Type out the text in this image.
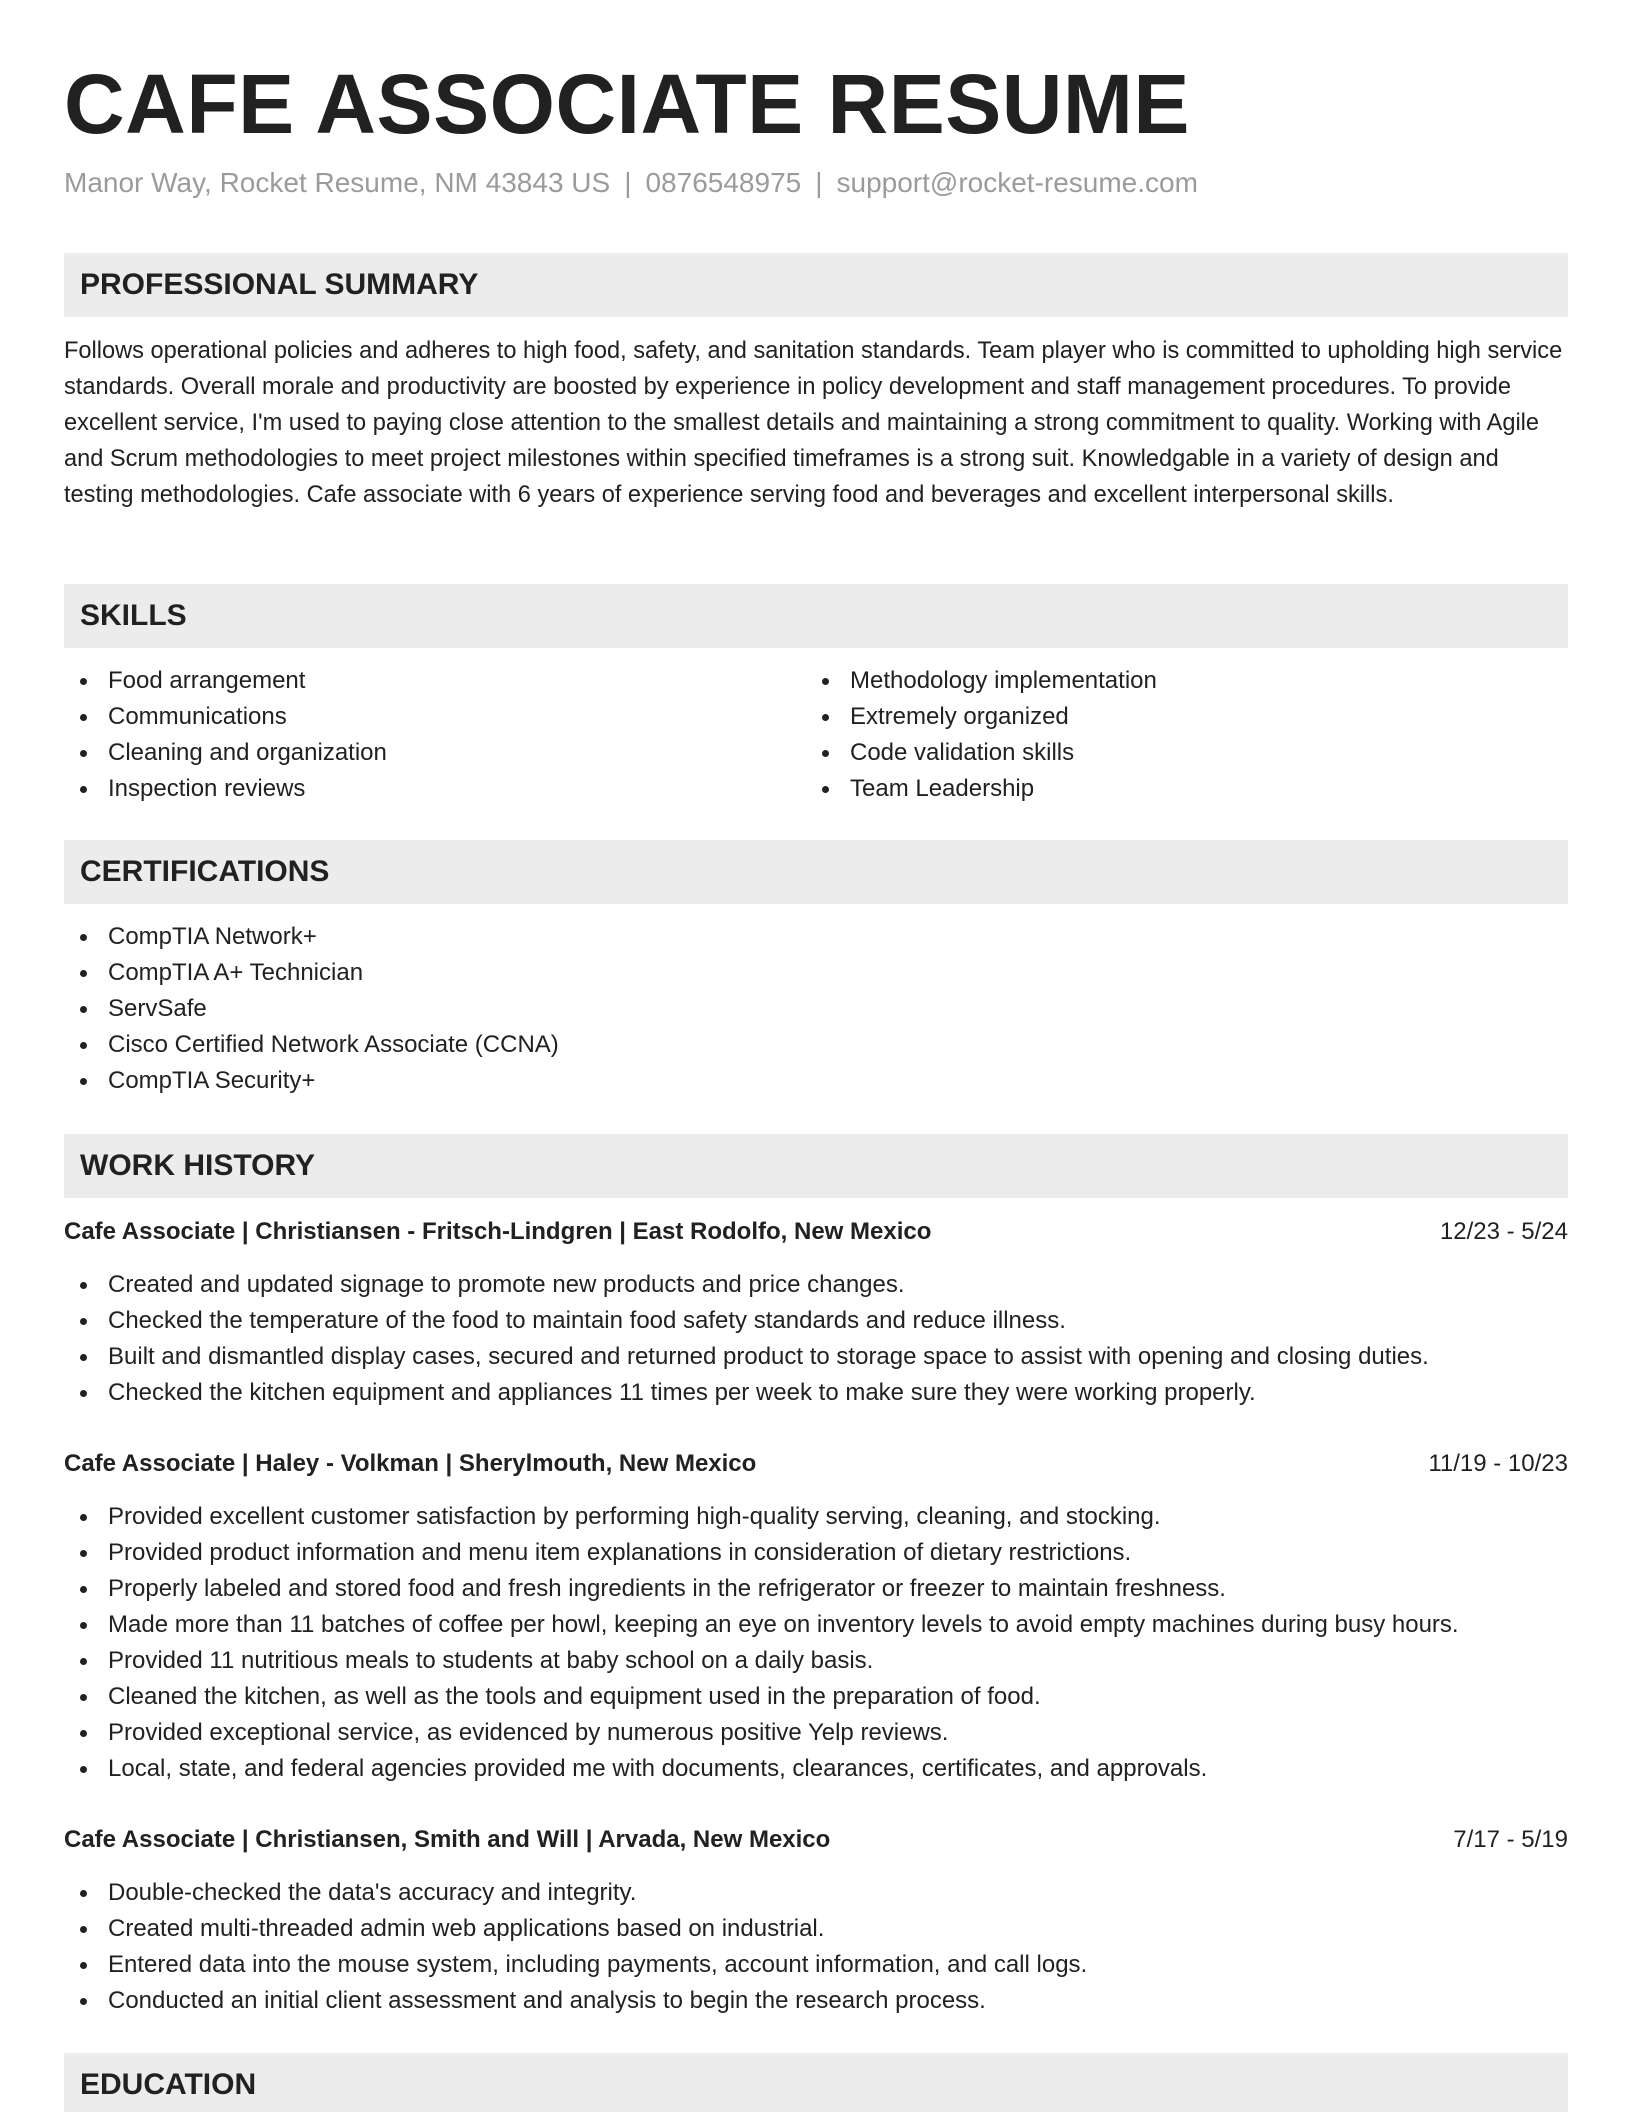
CAFE ASSOCIATE RESUME
Manor Way, Rocket Resume, NM 43843 US | 0876548975 | support@rocket-resume.com
PROFESSIONAL SUMMARY

Follows operational policies and adheres to high food, safety, and sanitation standards. Team player who is committed to upholding high service standards. Overall morale and productivity are boosted by experience in policy development and staff management procedures. To provide excellent service, I'm used to paying close attention to the smallest details and maintaining a strong commitment to quality. Working with Agile and Scrum methodologies to meet project milestones within specified timeframes is a strong suit. Knowledgable in a variety of design and testing methodologies. Cafe associate with 6 years of experience serving food and beverages and excellent interpersonal skills.

SKILLS
Food arrangement
Communications
Cleaning and organization
Inspection reviews
Methodology implementation
Extremely organized
Code validation skills
Team Leadership
CERTIFICATIONS
CompTIA Network+
CompTIA A+ Technician
ServSafe
Cisco Certified Network Associate (CCNA)
CompTIA Security+
WORK HISTORY
Cafe Associate | Christiansen - Fritsch-Lindgren | East Rodolfo, New Mexico	12/23 - 5/24
Created and updated signage to promote new products and price changes.
Checked the temperature of the food to maintain food safety standards and reduce illness.
Built and dismantled display cases, secured and returned product to storage space to assist with opening and closing duties.
Checked the kitchen equipment and appliances 11 times per week to make sure they were working properly.
Cafe Associate | Haley - Volkman | Sherylmouth, New Mexico	11/19 - 10/23
Provided excellent customer satisfaction by performing high-quality serving, cleaning, and stocking.
Provided product information and menu item explanations in consideration of dietary restrictions.
Properly labeled and stored food and fresh ingredients in the refrigerator or freezer to maintain freshness.
Made more than 11 batches of coffee per howl, keeping an eye on inventory levels to avoid empty machines during busy hours.
Provided 11 nutritious meals to students at baby school on a daily basis.
Cleaned the kitchen, as well as the tools and equipment used in the preparation of food.
Provided exceptional service, as evidenced by numerous positive Yelp reviews.
Local, state, and federal agencies provided me with documents, clearances, certificates, and approvals.
Cafe Associate | Christiansen, Smith and Will | Arvada, New Mexico	7/17 - 5/19
Double-checked the data's accuracy and integrity.
Created multi-threaded admin web applications based on industrial.
Entered data into the mouse system, including payments, account information, and call logs.
Conducted an initial client assessment and analysis to begin the research process.
EDUCATION
